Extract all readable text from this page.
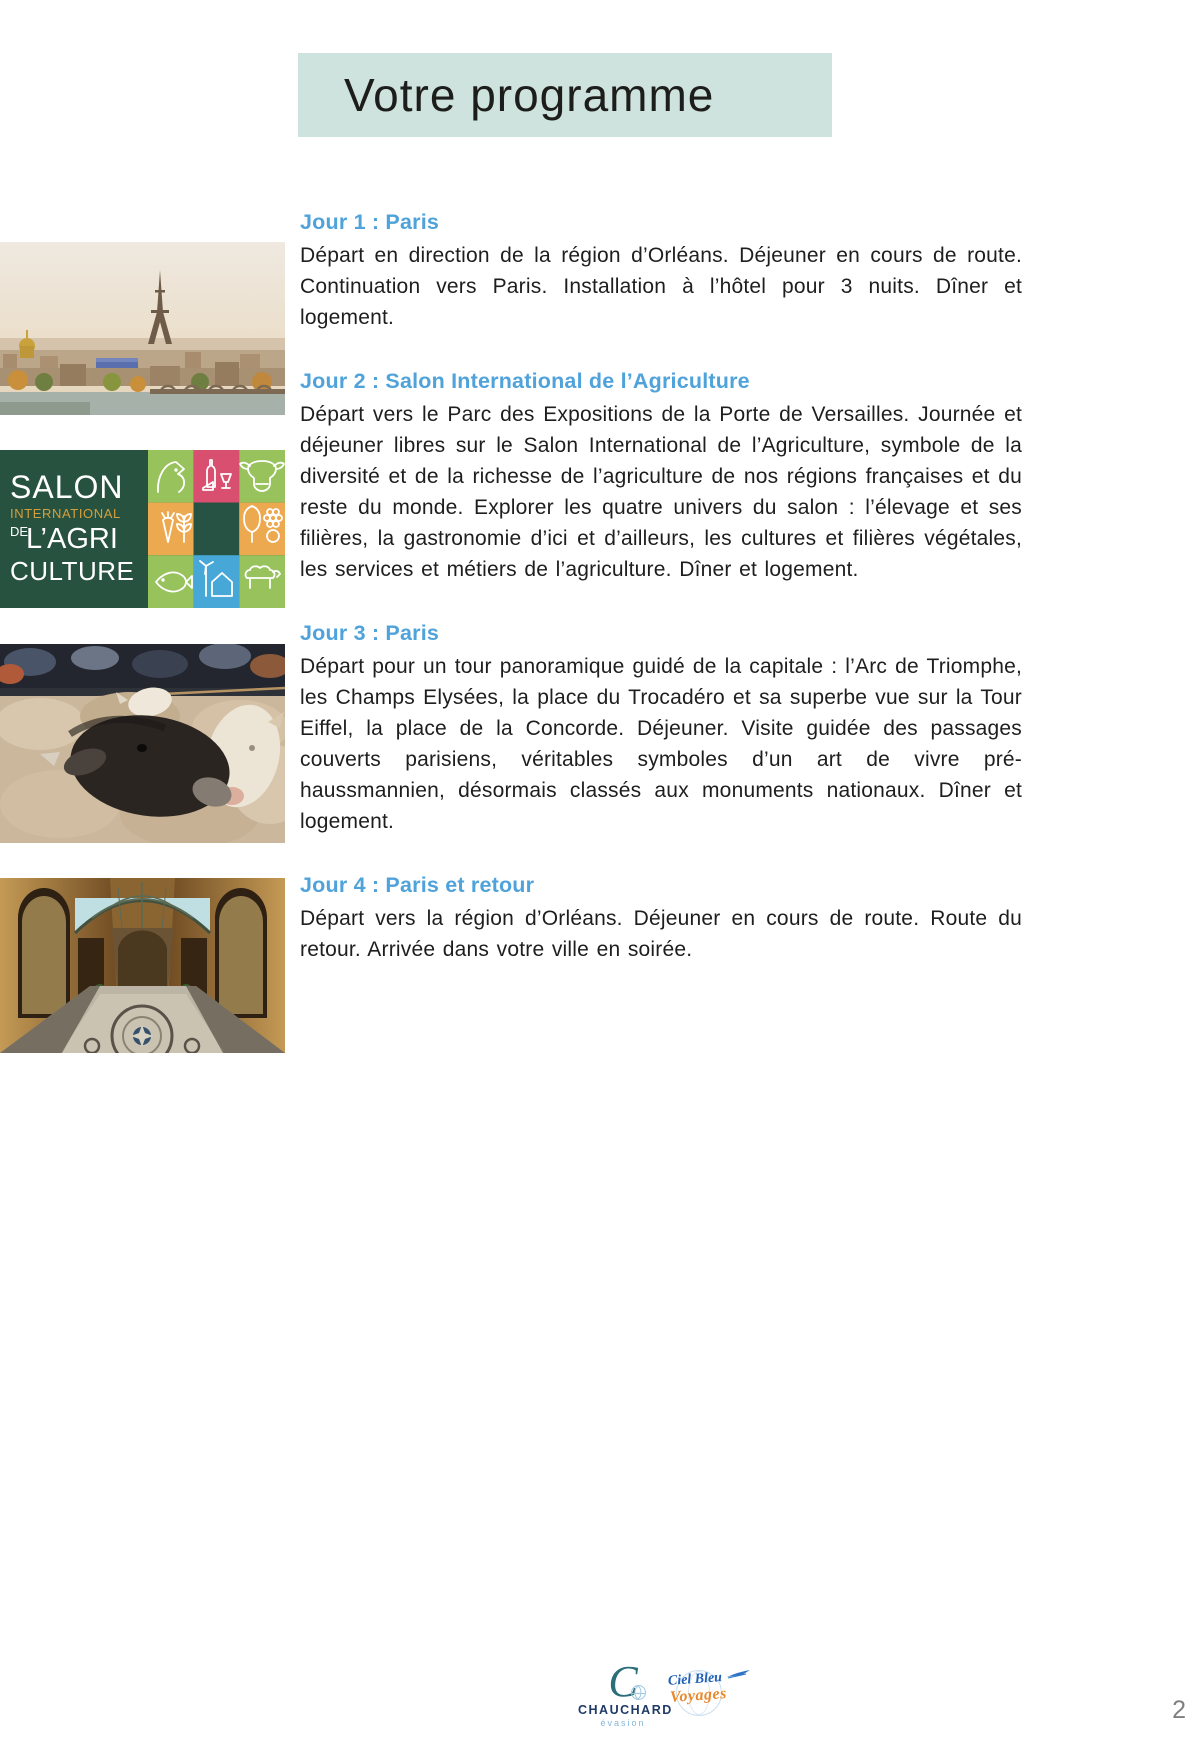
Votre programme
SALON
INTERNATIONAL
DE
L’AGRI
CULTURE
Jour 1 : Paris

Départ en direction de la région d’Orléans. Déjeuner en cours de route. Continuation vers Paris. Installation à l’hôtel pour 3 nuits. Dîner et logement.

Jour 2 : Salon International de l’Agriculture

Départ vers le Parc des Expositions de la Porte de Versailles. Journée et déjeuner libres sur le Salon International de l’Agriculture, symbole de la diversité et de la richesse de l’agriculture de nos régions françaises et du reste du monde. Explorer les quatre univers du salon : l’élevage et ses filières, la gastronomie d’ici et d’ailleurs, les cultures et filières végétales, les services et métiers de l’agriculture. Dîner et logement.

Jour 3 : Paris

Départ pour un tour panoramique guidé de la capitale : l’Arc de Triomphe, les Champs Elysées, la place du Trocadéro et sa superbe vue sur la Tour Eiffel, la place de la Concorde. Déjeuner. Visite guidée des passages couverts parisiens, véritables symboles d’un art de vivre pré-haussmannien, désormais classés aux monuments nationaux. Dîner et logement.

Jour 4 : Paris et retour

Départ vers la région d’Orléans. Déjeuner en cours de route. Route du retour. Arrivée dans votre ville en soirée.

C
CHAUCHARD
évasion
Ciel Bleu
Voyages
2
